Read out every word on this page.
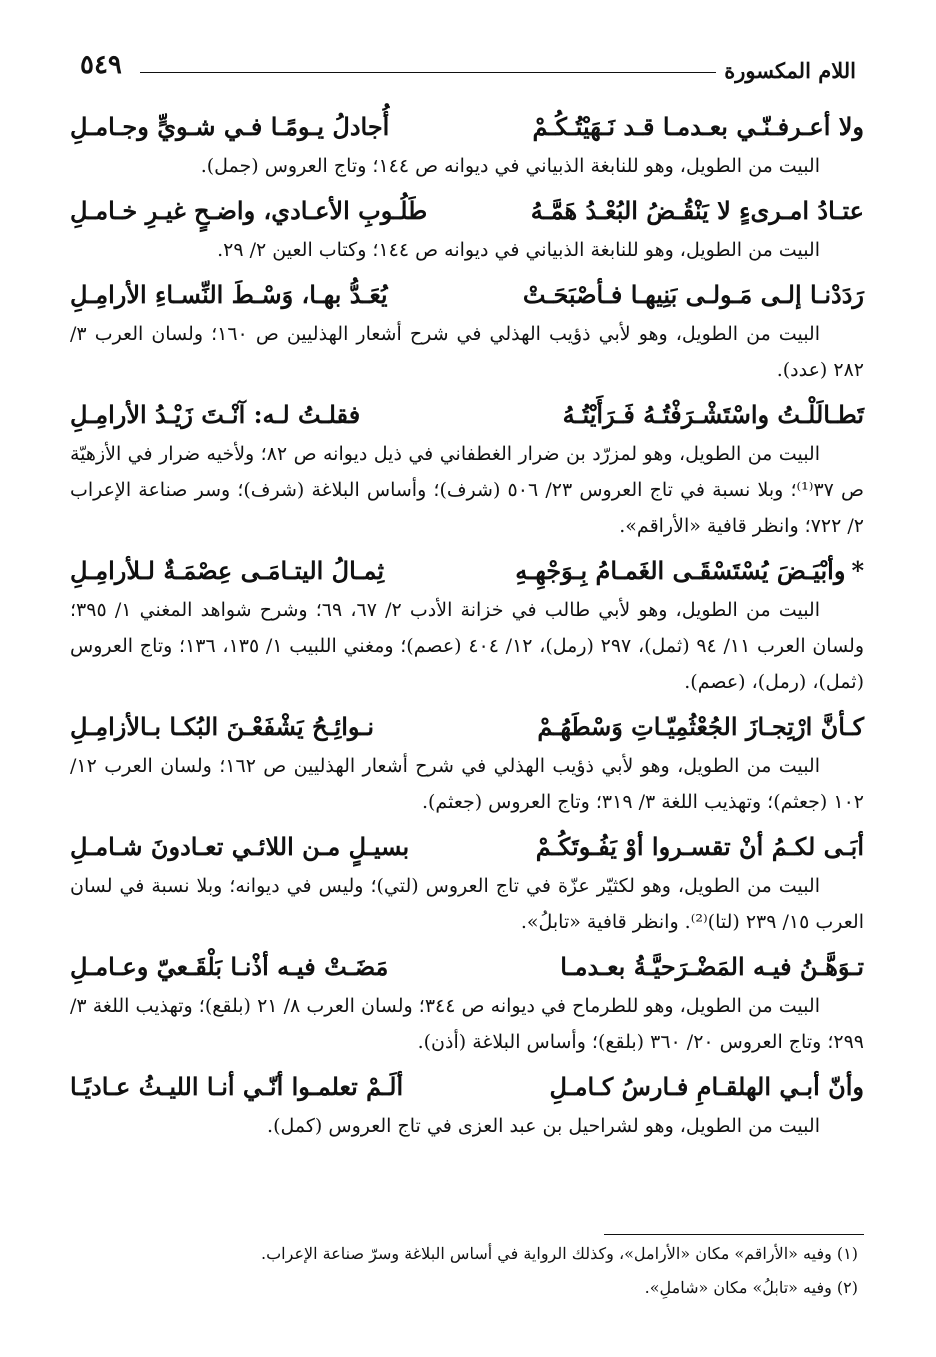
٥٤٩	اللام المكسورة
ولا أعـرفـنّـي بعـدمـا قـد نَـهَيْتُـكُـمْ
أُجادلُ يـومًـا فـي شـويٍّ وجـامـلِ

البيت من الطويل، وهو للنابغة الذبياني في ديوانه ص ١٤٤؛ وتاج العروس (جمل).

عتـادُ امـرىءٍ لا يَنْقُـضُ البُعْـدُ هَمَّـهُ
طَلُـوبِ الأعـادي، واضـحٍ غيـرِ خـامـلِ

البيت من الطويل، وهو للنابغة الذبياني في ديوانه ص ١٤٤؛ وكتاب العين ٢/ ٢٩.

رَدَدْنـا إلـى مَـولـى بَنِيهـا فـأصْبَحَـتْ
يُعَـدُّ بهـا، وَسْـطَ النِّسـاءِ الأرامِـلِ

البيت من الطويل، وهو لأبي ذؤيب الهذلي في شرح أشعار الهذليين ص ١٦٠؛ ولسان العرب ٣/ ٢٨٢ (عدد).

تَطـالَلْـتُ واسْتَشْـرَفْتُـهُ فَـرَأَيْتُـهُ
فقلـتُ لـه: آنْـتَ زَيْـدُ الأرامِـلِ

البيت من الطويل، وهو لمزرّد بن ضرار الغطفاني في ذيل ديوانه ص ٨٢؛ ولأخيه ضرار في الأزهيّة ص ٣٧⁽¹⁾؛ وبلا نسبة في تاج العروس ٢٣/ ٥٠٦ (شرف)؛ وأساس البلاغة (شرف)؛ وسر صناعة الإعراب ٢/ ٧٢٢؛ وانظر قافية «الأراقم».

*وأبْيَـضَ يُسْتَسْقَـى الغَمـامُ بِـوَجْهِـهِ
ثِمـالُ اليتـامَـى عِصْمَـةٌ لـلأرامِـلِ

البيت من الطويل، وهو لأبي طالب في خزانة الأدب ٢/ ٦٧، ٦٩؛ وشرح شواهد المغني ١/ ٣٩٥؛ ولسان العرب ١١/ ٩٤ (ثمل)، ٢٩٧ (رمل)، ١٢/ ٤٠٤ (عصم)؛ ومغني اللبيب ١/ ١٣٥، ١٣٦؛ وتاج العروس (ثمل)، (رمل)، (عصم).

كـأنَّ ارْتِجـازَ الجُعْثُمِيّـاتِ وَسْطَهُـمْ
نـوائِـحُ يَشْفَعْـنَ البُكـا بـالأزامِـلِ

البيت من الطويل، وهو لأبي ذؤيب الهذلي في شرح أشعار الهذليين ص ١٦٢؛ ولسان العرب ١٢/ ١٠٢ (جعثم)؛ وتهذيب اللغة ٣/ ٣١٩؛ وتاج العروس (جعثم).

أبَـى لكـمُ أنْ تقسـروا أوْ يَفُـوتَكُـمْ
بسيـلٍ مـن اللائـي تعـادونَ شـامـلِ

البيت من الطويل، وهو لكثيّر عزّة في تاج العروس (لتي)؛ وليس في ديوانه؛ وبلا نسبة في لسان العرب ١٥/ ٢٣٩ (لتا)⁽²⁾. وانظر قافية «تابلُ».

تـوَهَّـنُ فيـه المَضْـرَحيَّـةُ بعـدمـا
مَضَـتْ فيـه أذْنـا بَلْقَـعيّ وعـامـلِ

البيت من الطويل، وهو للطرماح في ديوانه ص ٣٤٤؛ ولسان العرب ٨/ ٢١ (بلقع)؛ وتهذيب اللغة ٣/ ٢٩٩؛ وتاج العروس ٢٠/ ٣٦٠ (بلقع)؛ وأساس البلاغة (أذن).

وأنّ أبـي الهلقـامِ فـارسُ كـامـلِ
ألَـمْ تعلمـوا أنّـي أنـا الليـثُ عـاديًـا

البيت من الطويل، وهو لشراحيل بن عبد العزى في تاج العروس (كمل).

(١) وفيه «الأراقم» مكان «الأرامل»، وكذلك الرواية في أساس البلاغة وسرّ صناعة الإعراب.

(٢) وفيه «تابلُ» مكان «شاملِ».
